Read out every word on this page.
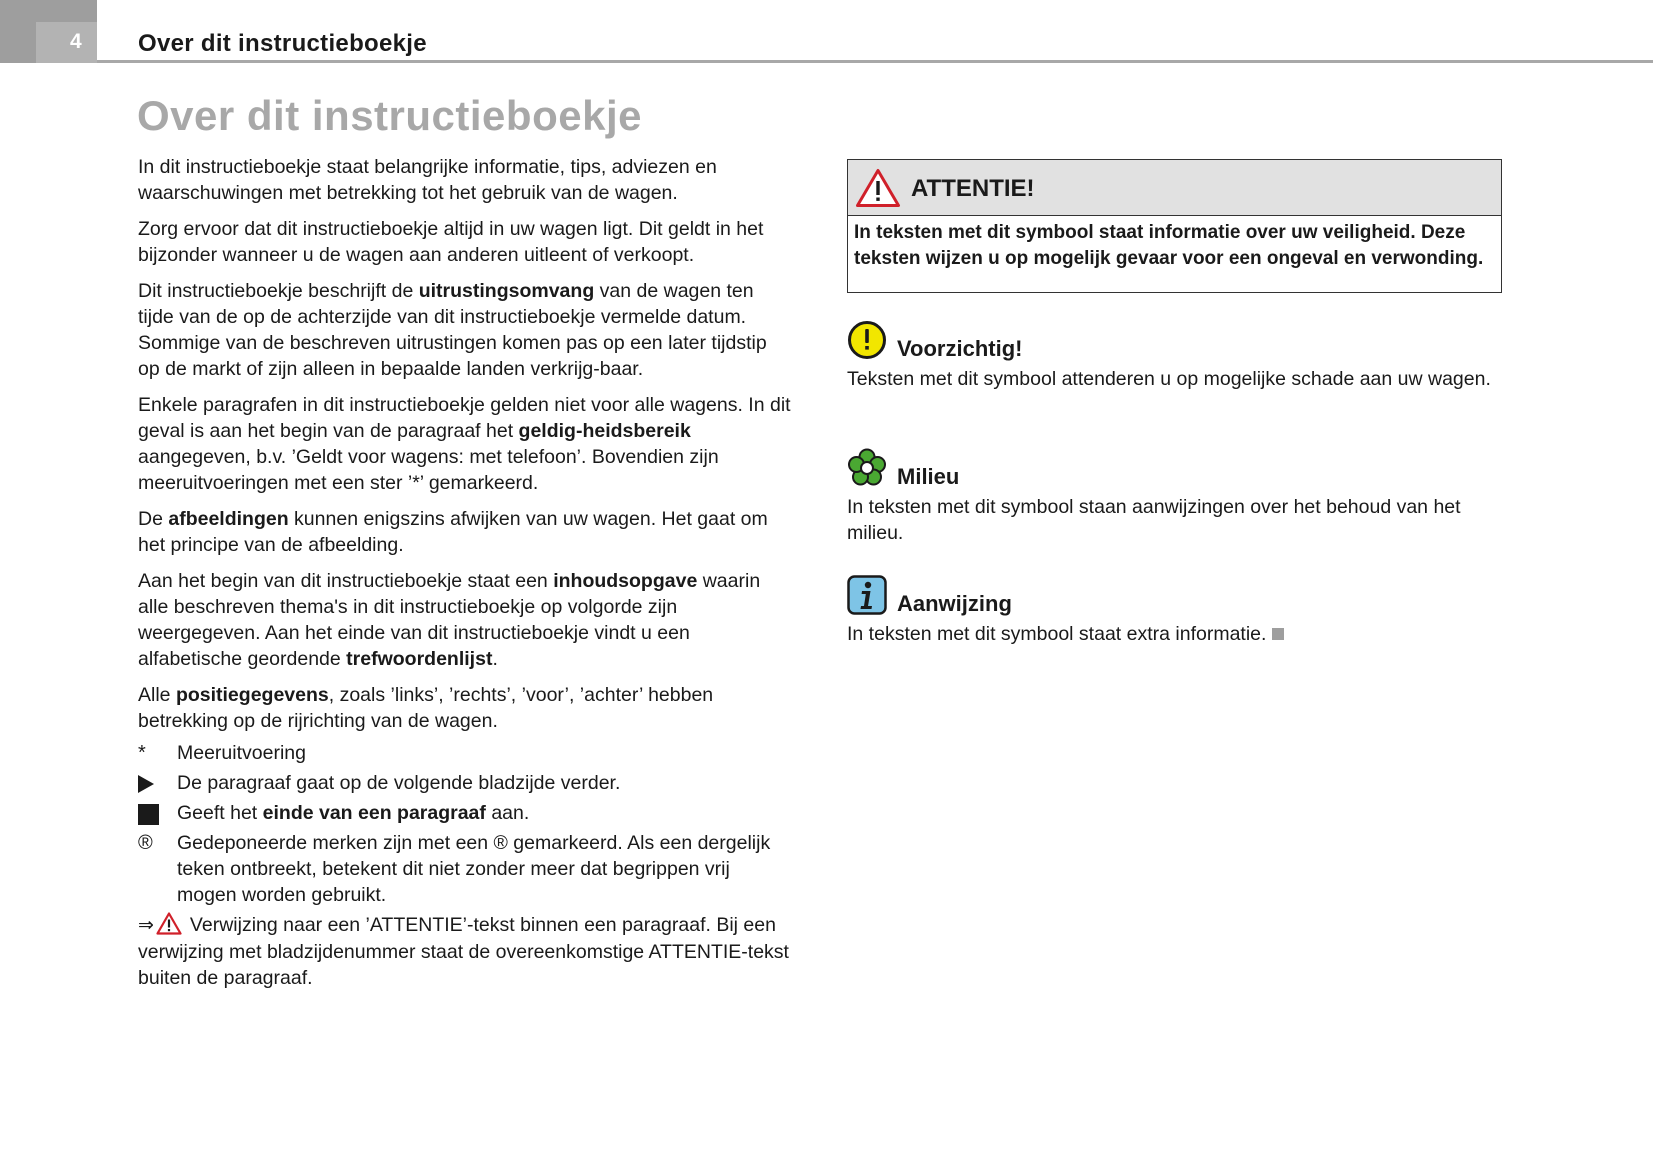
4 Over dit instructieboekje
Over dit instructieboekje

In dit instructieboekje staat belangrijke informatie, tips, adviezen en waarschuwingen met betrekking tot het gebruik van de wagen.

Zorg ervoor dat dit instructieboekje altijd in uw wagen ligt. Dit geldt in het bijzonder wanneer u de wagen aan anderen uitleent of verkoopt.

Dit instructieboekje beschrijft de uitrustingsomvang van de wagen ten tijde van de op de achterzijde van dit instructieboekje vermelde datum. Sommige van de beschreven uitrustingen komen pas op een later tijdstip op de markt of zijn alleen in bepaalde landen verkrijg-baar.

Enkele paragrafen in dit instructieboekje gelden niet voor alle wagens. In dit geval is aan het begin van de paragraaf het geldig-heidsbereik aangegeven, b.v. ’Geldt voor wagens: met telefoon’. Bovendien zijn meeruitvoeringen met een ster ’*’ gemarkeerd.

De afbeeldingen kunnen enigszins afwijken van uw wagen. Het gaat om het principe van de afbeelding.

Aan het begin van dit instructieboekje staat een inhoudsopgave waarin alle beschreven thema's in dit instructieboekje op volgorde zijn weergegeven. Aan het einde van dit instructieboekje vindt u een alfabetische geordende trefwoordenlijst.

Alle positiegegevens, zoals ’links’, ’rechts’, ’voor’, ’achter’ hebben betrekking op de rijrichting van de wagen.

* Meeruitvoering
De paragraaf gaat op de volgende bladzijde verder.
Geeft het einde van een paragraaf aan.
® Gedeponeerde merken zijn met een ® gemarkeerd. Als een dergelijk teken ontbreekt, betekent dit niet zonder meer dat begrippen vrij mogen worden gebruikt.

⇒ Verwijzing naar een ’ATTENTIE’-tekst binnen een paragraaf. Bij een verwijzing met bladzijdenummer staat de overeenkomstige ATTENTIE-tekst buiten de paragraaf.

ATTENTIE!
In teksten met dit symbool staat informatie over uw veiligheid. Deze teksten wijzen u op mogelijk gevaar voor een ongeval en verwonding.
Voorzichtig!
Teksten met dit symbool attenderen u op mogelijke schade aan uw wagen.
Milieu
In teksten met dit symbool staan aanwijzingen over het behoud van het milieu.
Aanwijzing
In teksten met dit symbool staat extra informatie.
